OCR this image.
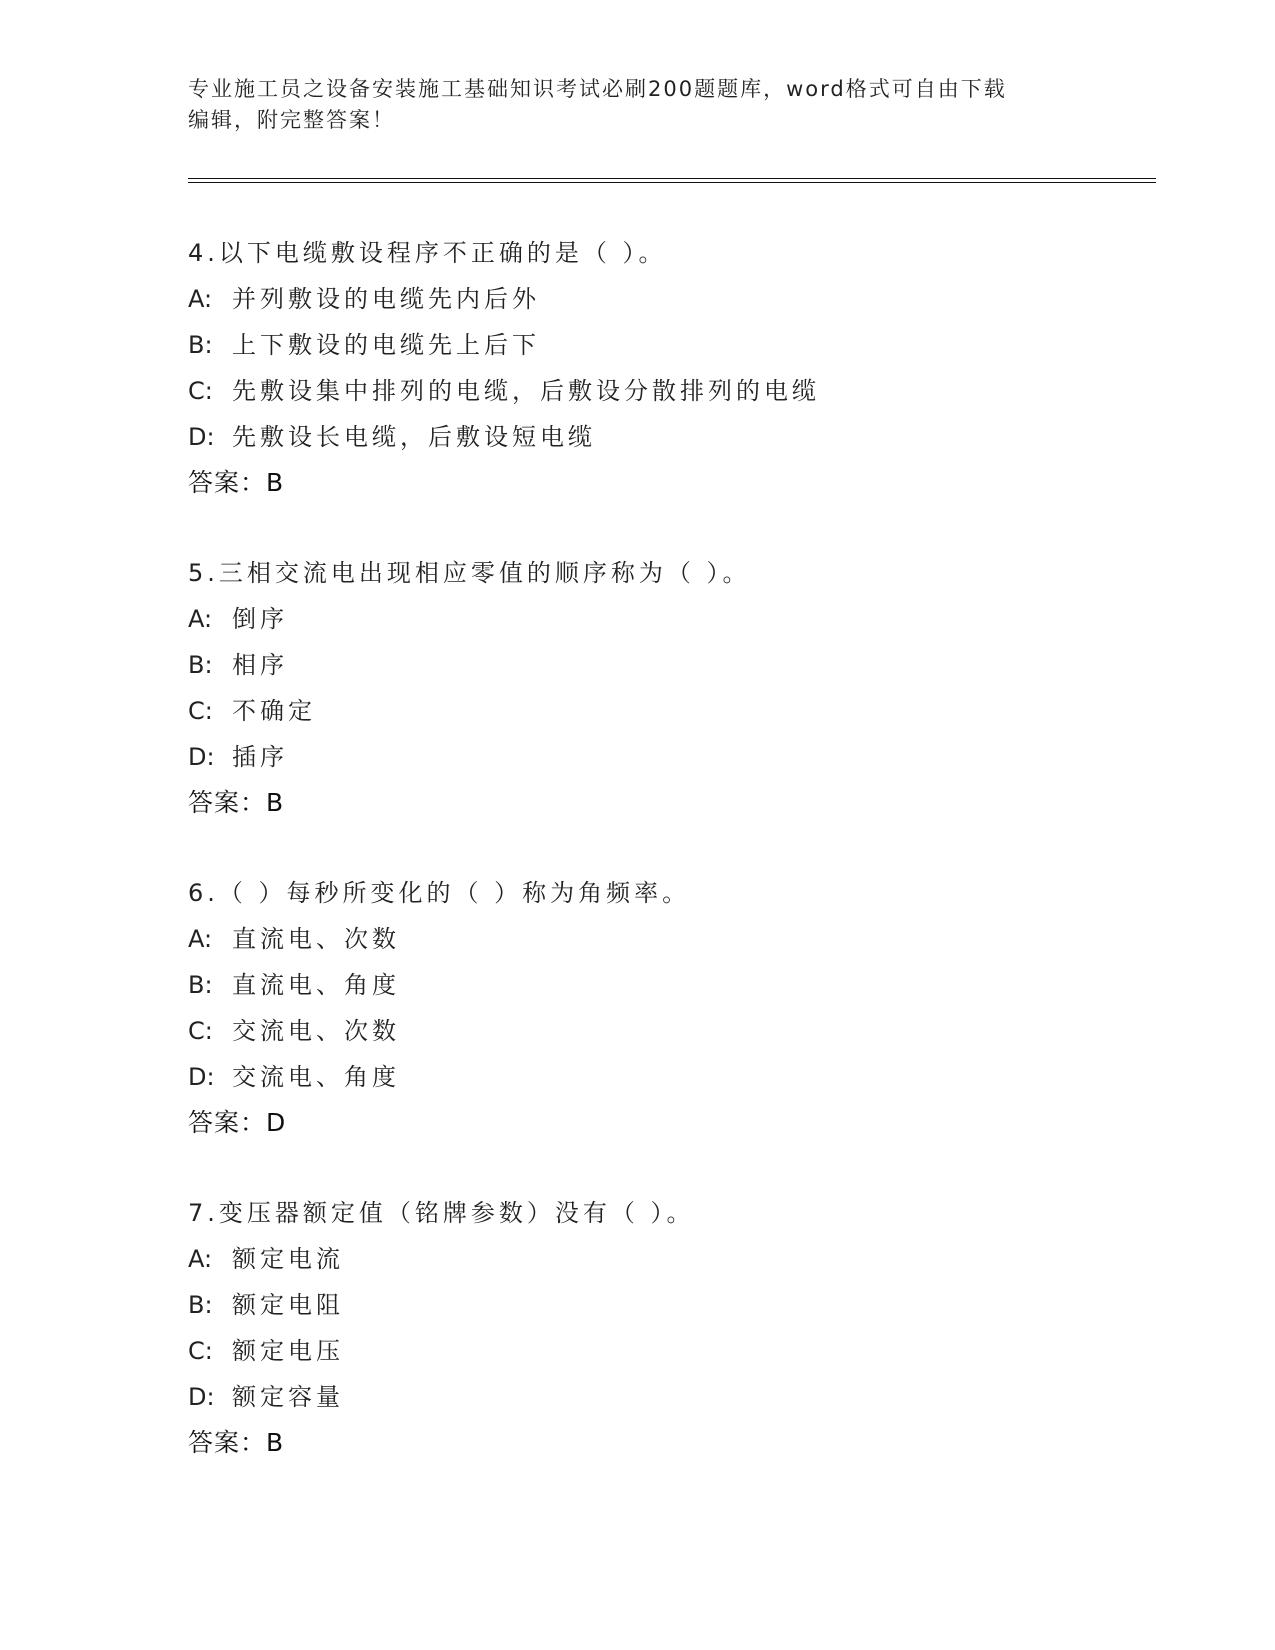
专业施工员之设备安装施工基础知识考试必刷200题题库，word格式可自由下载
编辑，附完整答案！
4.以下电缆敷设程序不正确的是（ ）。
A: 并列敷设的电缆先内后外
B: 上下敷设的电缆先上后下
C: 先敷设集中排列的电缆，后敷设分散排列的电缆
D: 先敷设长电缆，后敷设短电缆
答案：B
5.三相交流电出现相应零值的顺序称为（ ）。
A: 倒序
B: 相序
C: 不确定
D: 插序
答案：B
6.（ ）每秒所变化的（ ）称为角频率。
A: 直流电、次数
B: 直流电、角度
C: 交流电、次数
D: 交流电、角度
答案：D
7.变压器额定值（铭牌参数）没有（ ）。
A: 额定电流
B: 额定电阻
C: 额定电压
D: 额定容量
答案：B
